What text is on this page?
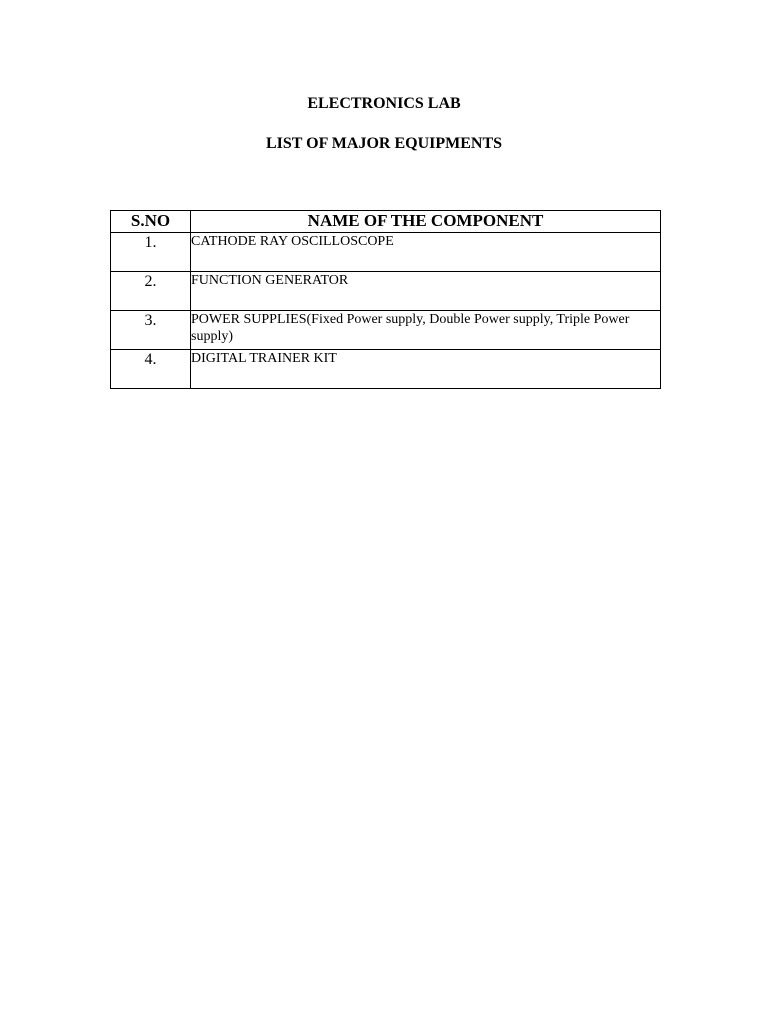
ELECTRONICS LAB
LIST OF MAJOR EQUIPMENTS
S.NO	NAME OF THE COMPONENT
1.	CATHODE RAY OSCILLOSCOPE
2.	FUNCTION GENERATOR
3.	POWER SUPPLIES(Fixed Power supply, Double Power supply, Triple Power supply)
4.	DIGITAL TRAINER KIT
